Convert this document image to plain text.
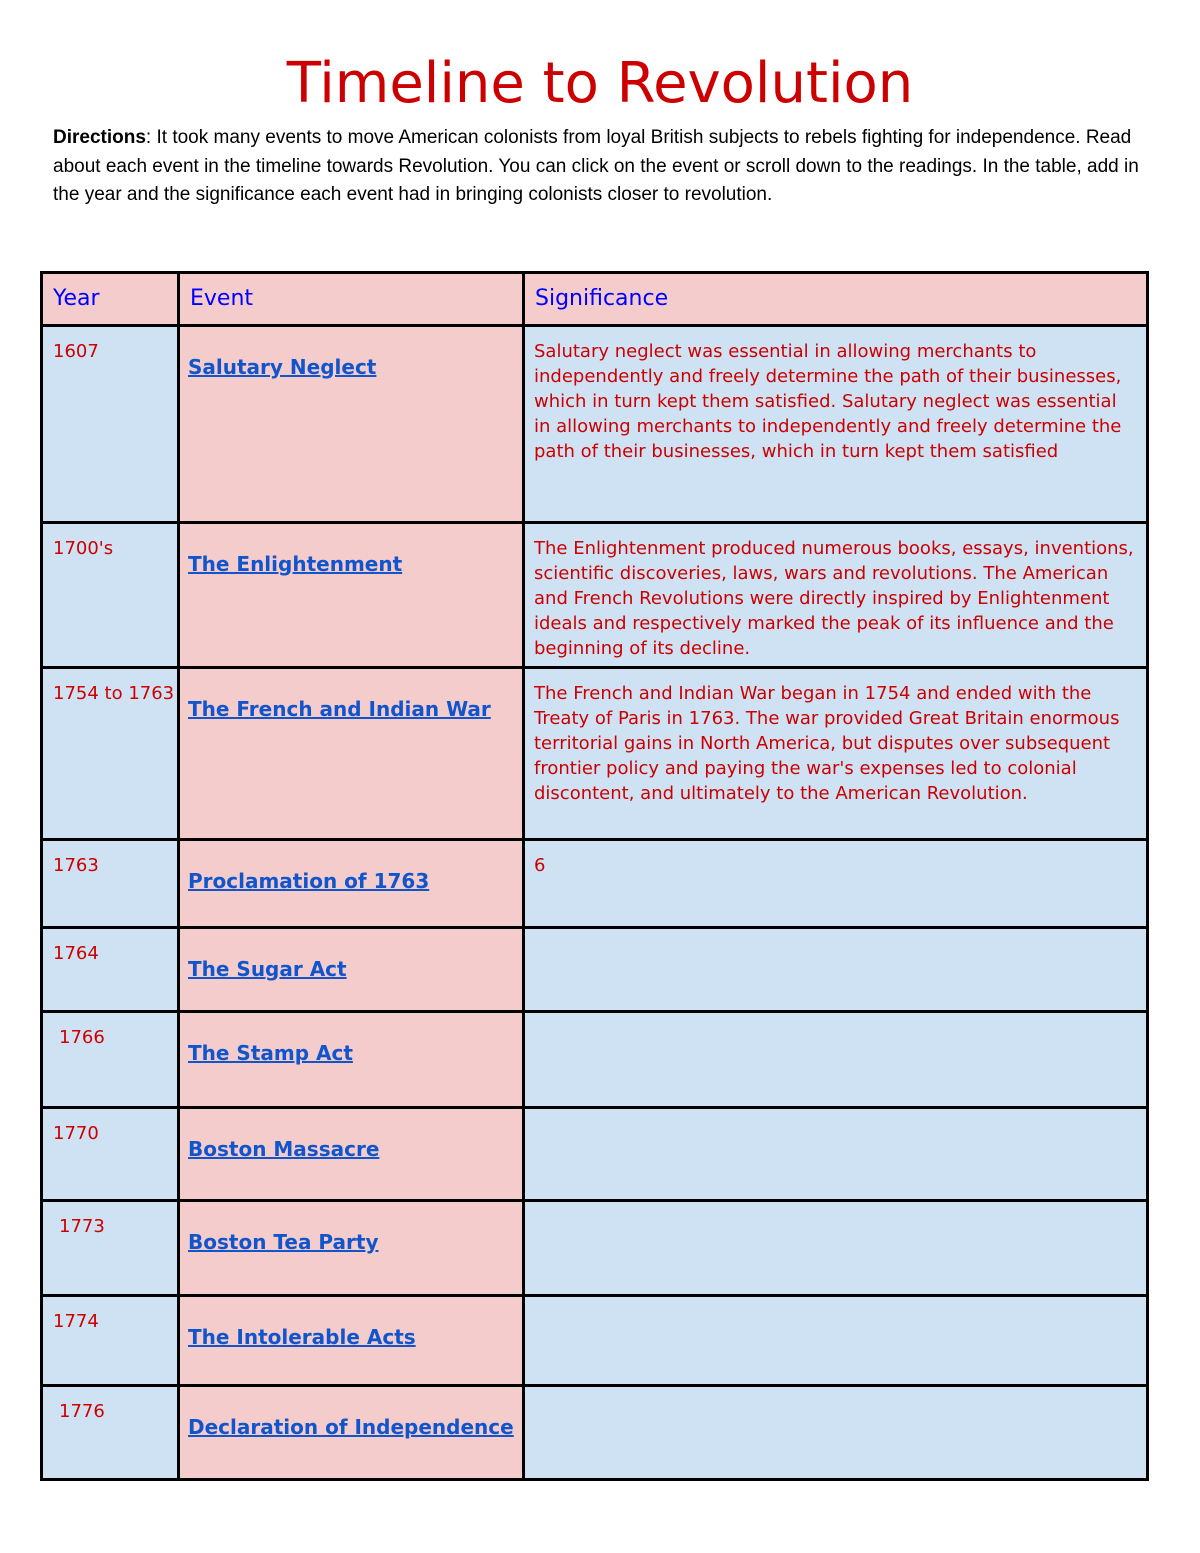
Timeline to Revolution

Directions: It took many events to move American colonists from loyal British subjects to rebels fighting for independence. Read about each event in the timeline towards Revolution. You can click on the event or scroll down to the readings. In the table, add in the year and the significance each event had in bringing colonists closer to revolution.

Year	Event	Significance
1607	Salutary Neglect	Salutary neglect was essential in allowing merchants to independently and freely determine the path of their businesses, which in turn kept them satisfied. Salutary neglect was essential in allowing merchants to independently and freely determine the path of their businesses, which in turn kept them satisfied
1700's	The Enlightenment	The Enlightenment produced numerous books, essays, inventions, scientific discoveries, laws, wars and revolutions. The American and French Revolutions were directly inspired by Enlightenment ideals and respectively marked the peak of its influence and the beginning of its decline.
1754 to 1763	The French and Indian War	The French and Indian War began in 1754 and ended with the Treaty of Paris in 1763. The war provided Great Britain enormous territorial gains in North America, but disputes over subsequent frontier policy and paying the war's expenses led to colonial discontent, and ultimately to the American Revolution.
1763	Proclamation of 1763	6
1764	The Sugar Act	
1766	The Stamp Act	
1770	Boston Massacre	
1773	Boston Tea Party	
1774	The Intolerable Acts	
1776	Declaration of Independence	
